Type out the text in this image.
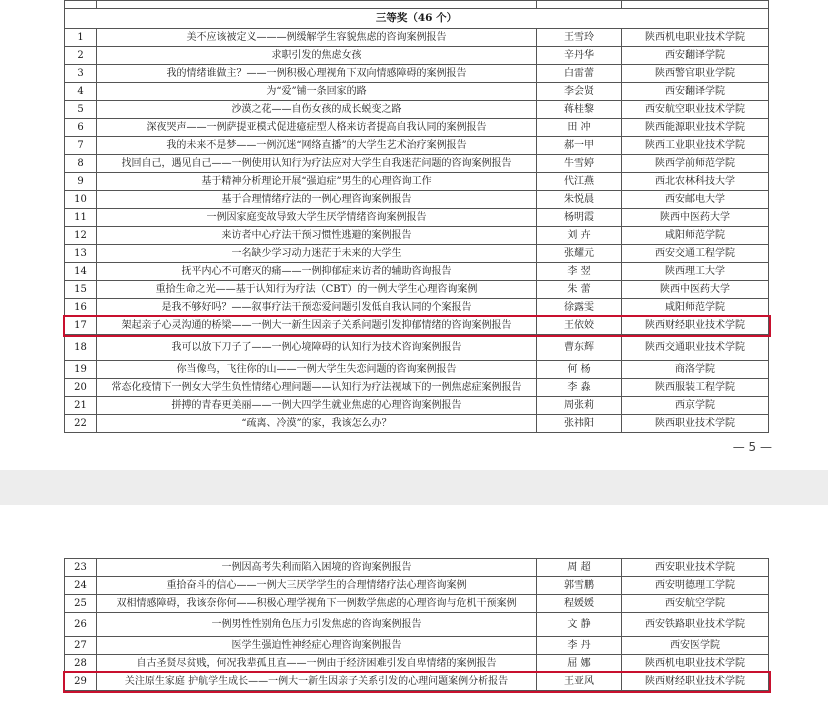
三等奖（46 个）			
1	美不应该被定义———例缓解学生容貌焦虑的咨询案例报告	王雪玲	陕西机电职业技术学院
2	求职引发的焦虑女孩	辛丹华	西安翻译学院
3	我的情绪谁做主？——一例积极心理视角下双向情感障碍的案例报告	白雷蕾	陕西警官职业学院
4	为“爱”铺一条回家的路	李会贤	西安翻译学院
5	沙漠之花——自伤女孩的成长蜕变之路	蒋桂黎	西安航空职业技术学院
6	深夜哭声——一例萨提亚模式促进癔症型人格来访者提高自我认同的案例报告	田 冲	陕西能源职业技术学院
7	我的未来不是梦——一例沉迷“网络直播”的大学生艺术治疗案例报告	郝一甲	陕西工业职业技术学院
8	找回自己，遇见自己——一例使用认知行为疗法应对大学生自我迷茫问题的咨询案例报告	牛雪婷	陕西学前师范学院
9	基于精神分析理论开展“强迫症”男生的心理咨询工作	代江燕	西北农林科技大学
10	基于合理情绪疗法的一例心理咨询案例报告	朱悦晨	西安邮电大学
11	一例因家庭变故导致大学生厌学情绪咨询案例报告	杨明霞	陕西中医药大学
12	来访者中心疗法干预习惯性逃避的案例报告	刘 卉	咸阳师范学院
13	一名缺少学习动力迷茫于未来的大学生	张耀元	西安交通工程学院
14	抚平内心不可磨灭的痛——一例抑郁症来访者的辅助咨询报告	李 翌	陕西理工大学
15	重拾生命之光——基于认知行为疗法（CBT）的一例大学生心理咨询案例	朱 蕾	陕西中医药大学
16	是我不够好吗？——叙事疗法干预恋爱问题引发低自我认同的个案报告	徐露雯	咸阳师范学院
17	架起亲子心灵沟通的桥梁——一例大一新生因亲子关系问题引发抑郁情绪的咨询案例报告	王依姣	陕西财经职业技术学院
18	我可以放下刀子了——一例心境障碍的认知行为技术咨询案例报告	曹东辉	陕西交通职业技术学院
19	你当像鸟，飞往你的山——一例大学生失恋问题的咨询案例报告	何 杨	商洛学院
20	常态化疫情下一例女大学生负性情绪心理问题——认知行为疗法视域下的一例焦虑症案例报告	李 淼	陕西服装工程学院
21	拼搏的青春更美丽——一例大四学生就业焦虑的心理咨询案例报告	周张莉	西京学院
22	“疏离、冷漠”的家，我该怎么办？	张祎阳	陕西职业技术学院
— 5 —
23	一例因高考失利而陷入困境的咨询案例报告	周 超	西安职业技术学院
24	重拾奋斗的信心——一例大三厌学学生的合理情绪疗法心理咨询案例	郭雪鹏	西安明德理工学院
25	双相情感障碍，我该奈你何——积极心理学视角下一例数学焦虑的心理咨询与危机干预案例	程媛媛	西安航空学院
26	一例男性性别角色压力引发焦虑的咨询案例报告	文 静	西安铁路职业技术学院
27	医学生强迫性神经症心理咨询案例报告	李 丹	西安医学院
28	自古圣贤尽贫贱，何况我辈孤且直——一例由于经济困难引发自卑情绪的案例报告	屈 娜	陕西机电职业技术学院
29	关注原生家庭 护航学生成长——一例大一新生因亲子关系引发的心理问题案例分析报告	王亚风	陕西财经职业技术学院
